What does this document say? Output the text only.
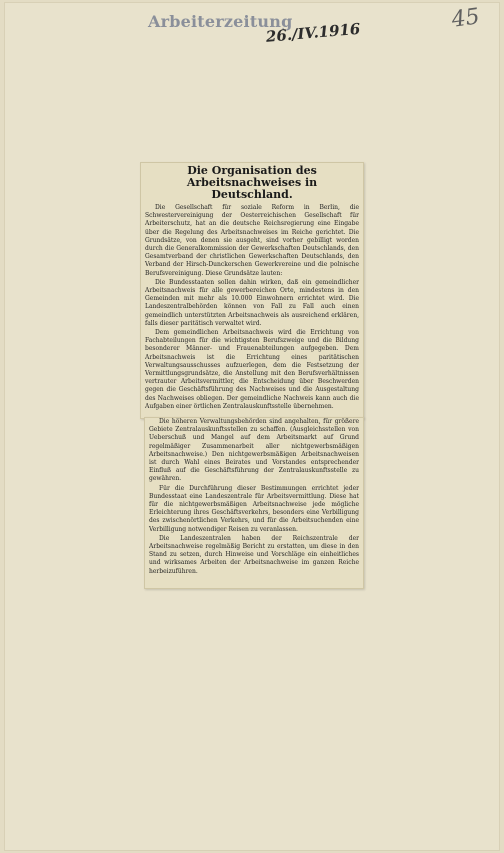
Arbeiterzeitung
26./IV.1916	45
Die Organisation des Arbeitsnachweises in Deutschland.

Die Gesellschaft für soziale Reform in Berlin, die Schwestervereinigung der Oesterreichischen Gesellschaft für Arbeiterschutz, hat an die deutsche Reichsregierung eine Eingabe über die Regelung des Arbeitsnachweises im Reiche gerichtet. Die Grundsätze, von denen sie ausgeht, sind vorher gebilligt worden durch die Generalkommission der Gewerkschaften Deutschlands, den Gesamtverband der christlichen Gewerkschaften Deutschlands, den Verband der Hirsch-Dunckerschen Gewerkvereine und die polnische Berufsvereinigung. Diese Grundsätze lauten:

Die Bundesstaaten sollen dahin wirken, daß ein gemeindlicher Arbeitsnachweis für alle gewerbereichen Orte, mindestens in den Gemeinden mit mehr als 10.000 Einwohnern errichtet wird. Die Landeszentralbehörden können von Fall zu Fall auch einen gemeindlich unterstützten Arbeitsnachweis als ausreichend erklären, falls dieser paritätisch verwaltet wird.

Dem gemeindlichen Arbeitsnachweis wird die Errichtung von Fachabteilungen für die wichtigsten Berufszweige und die Bildung besonderer Männer- und Frauenabteilungen aufgegeben. Dem Arbeitsnachweis ist die Errichtung eines paritätischen Verwaltungsausschusses aufzuerlegen, dem die Festsetzung der Vermittlungsgrundsätze, die Anstellung mit den Berufsverhältnissen vertrauter Arbeitsvermittler, die Entscheidung über Beschwerden gegen die Geschäftsführung des Nachweises und die Ausgestaltung des Nachweises obliegen. Der gemeindliche Nachweis kann auch die Aufgaben einer örtlichen Zentralauskunftsstelle übernehmen.

Die höheren Verwaltungsbehörden sind angehalten, für größere Gebiete Zentralauskunftsstellen zu schaffen. (Ausgleichsstellen von Ueberschuß und Mangel auf dem Arbeitsmarkt auf Grund regelmäßiger Zusammenarbeit aller nichtgewerbsmäßigen Arbeitsnachweise.) Den nichtgewerbsmäßigen Arbeitsnachweisen ist durch Wahl eines Beirates und Vorstandes entsprechender Einfluß auf die Geschäftsführung der Zentralauskunftsstelle zu gewähren.

Für die Durchführung dieser Bestimmungen errichtet jeder Bundesstaat eine Landeszentrale für Arbeitsvermittlung. Diese hat für die nichtgewerbsmäßigen Arbeitsnachweise jede mögliche Erleichterung ihres Geschäftsverkehrs, besonders eine Verbilligung des zwischenörtlichen Verkehrs, und für die Arbeitsuchenden eine Verbilligung notwendiger Reisen zu veranlassen.

Die Landeszentralen haben der Reichszentrale der Arbeitsnachweise regelmäßig Bericht zu erstatten, um diese in den Stand zu setzen, durch Hinweise und Vorschläge ein einheitliches und wirksames Arbeiten der Arbeitsnachweise im ganzen Reiche herbeizuführen.
